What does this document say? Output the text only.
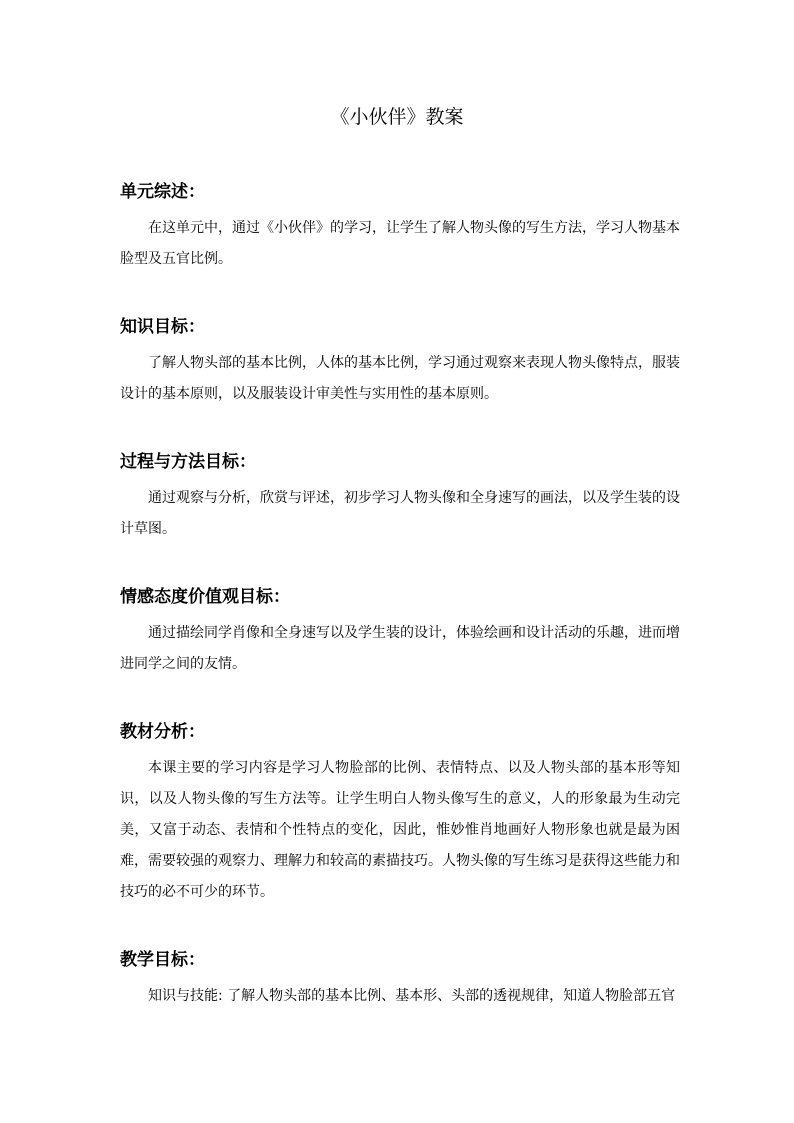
《小伙伴》教案
单元综述：

在这单元中，通过《小伙伴》的学习，让学生了解人物头像的写生方法，学习人物基本脸型及五官比例。

知识目标：

了解人物头部的基本比例，人体的基本比例，学习通过观察来表现人物头像特点，服装设计的基本原则，以及服装设计审美性与实用性的基本原则。

过程与方法目标：

通过观察与分析，欣赏与评述，初步学习人物头像和全身速写的画法，以及学生装的设计草图。

情感态度价值观目标：

通过描绘同学肖像和全身速写以及学生装的设计，体验绘画和设计活动的乐趣，进而增进同学之间的友情。

教材分析：

本课主要的学习内容是学习人物脸部的比例、表情特点、以及人物头部的基本形等知识，以及人物头像的写生方法等。让学生明白人物头像写生的意义，人的形象最为生动完美，又富于动态、表情和个性特点的变化，因此，惟妙惟肖地画好人物形象也就是最为困难，需要较强的观察力、理解力和较高的素描技巧。人物头像的写生练习是获得这些能力和技巧的必不可少的环节。

教学目标：

知识与技能: 了解人物头部的基本比例、基本形、头部的透视规律，知道人物脸部五官
